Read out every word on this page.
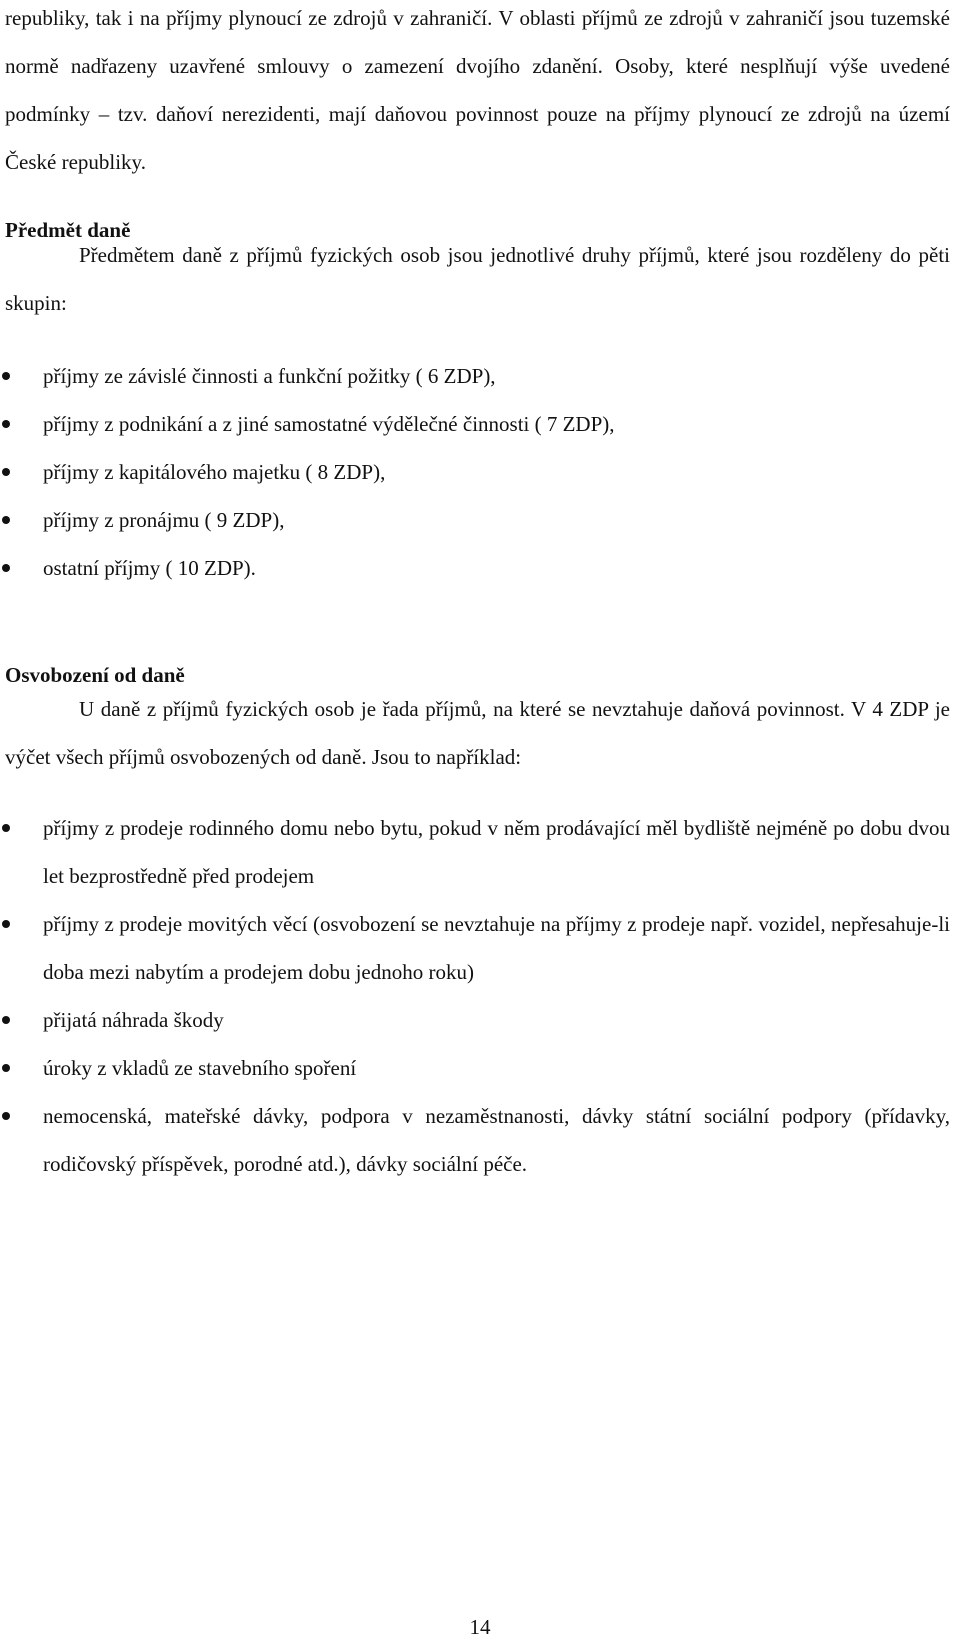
republiky, tak i na příjmy plynoucí ze zdrojů v zahraničí. V oblasti příjmů ze zdrojů v zahraničí jsou tuzemské normě nadřazeny uzavřené smlouvy o zamezení dvojího zdanění. Osoby, které nesplňují výše uvedené podmínky – tzv. daňoví nerezidenti, mají daňovou povinnost pouze na příjmy plynoucí ze zdrojů na území České republiky.

Předmět daně

Předmětem daně z příjmů fyzických osob jsou jednotlivé druhy příjmů, které jsou rozděleny do pěti skupin:

příjmy ze závislé činnosti a funkční požitky ( 6 ZDP),
příjmy z podnikání a z jiné samostatné výdělečné činnosti ( 7 ZDP),
příjmy z kapitálového majetku ( 8 ZDP),
příjmy z pronájmu ( 9 ZDP),
ostatní příjmy ( 10 ZDP).
Osvobození od daně

U daně z příjmů fyzických osob je řada příjmů, na které se nevztahuje daňová povinnost. V 4 ZDP je výčet všech příjmů osvobozených od daně. Jsou to například:

příjmy z prodeje rodinného domu nebo bytu, pokud v něm prodávající měl bydliště nejméně po dobu dvou let bezprostředně před prodejem
příjmy z prodeje movitých věcí (osvobození se nevztahuje na příjmy z prodeje např. vozidel, nepřesahuje-li doba mezi nabytím a prodejem dobu jednoho roku)
přijatá náhrada škody
úroky z vkladů ze stavebního spoření
nemocenská, mateřské dávky, podpora v nezaměstnanosti, dávky státní sociální podpory (přídavky, rodičovský příspěvek, porodné atd.), dávky sociální péče.
14
